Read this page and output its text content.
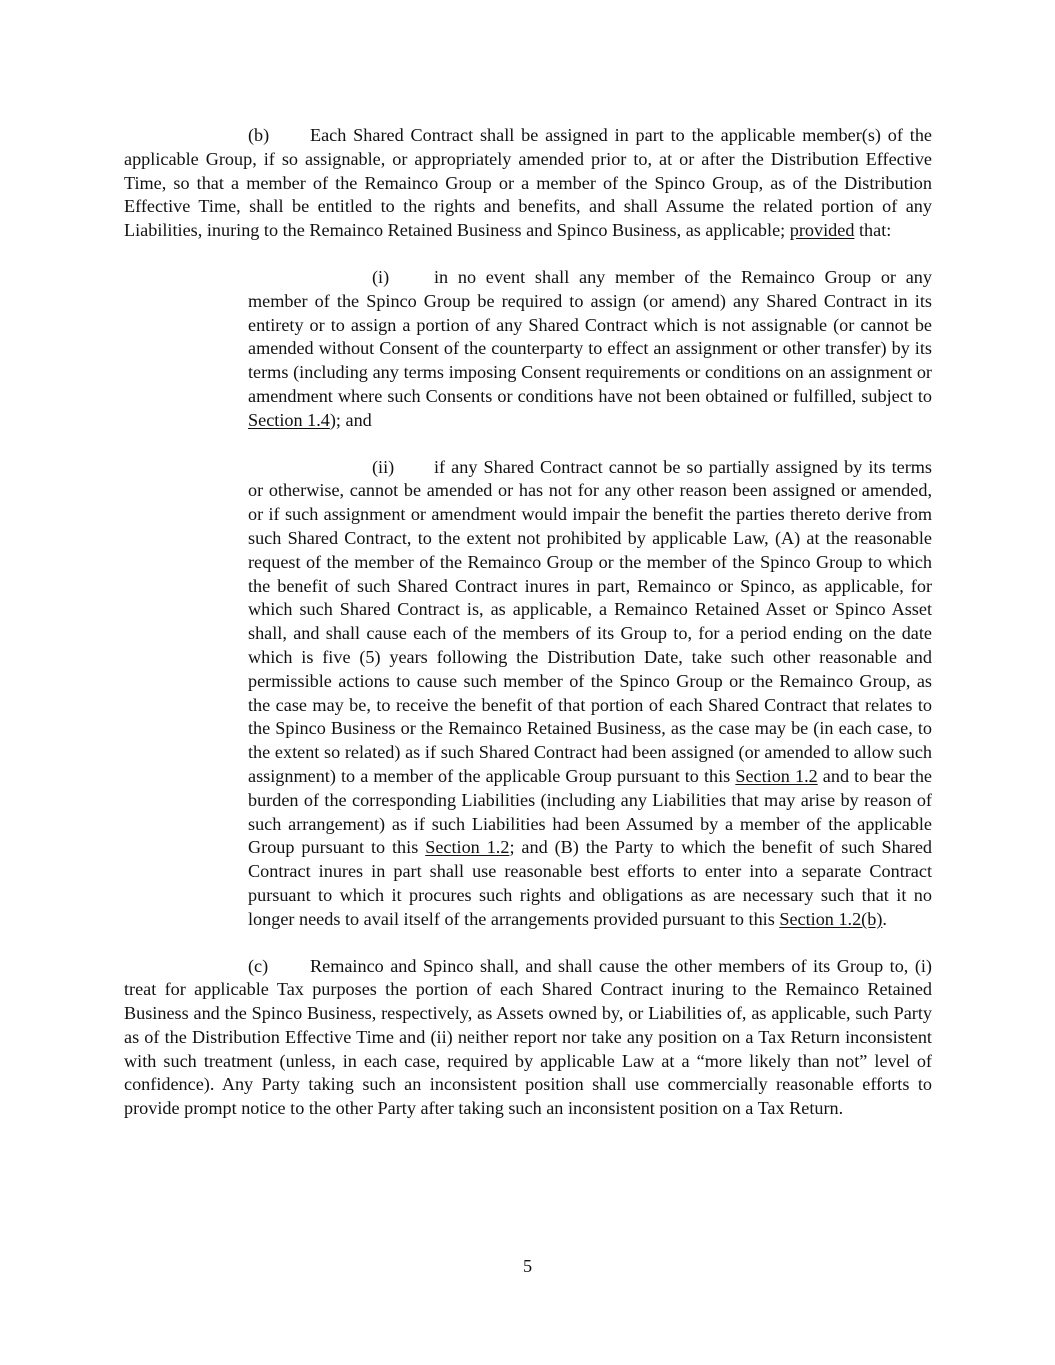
(b) Each Shared Contract shall be assigned in part to the applicable member(s) of the applicable Group, if so assignable, or appropriately amended prior to, at or after the Distribution Effective Time, so that a member of the Remainco Group or a member of the Spinco Group, as of the Distribution Effective Time, shall be entitled to the rights and benefits, and shall Assume the related portion of any Liabilities, inuring to the Remainco Retained Business and Spinco Business, as applicable; provided that:

(i) in no event shall any member of the Remainco Group or any member of the Spinco Group be required to assign (or amend) any Shared Contract in its entirety or to assign a portion of any Shared Contract which is not assignable (or cannot be amended without Consent of the counterparty to effect an assignment or other transfer) by its terms (including any terms imposing Consent requirements or conditions on an assignment or amendment where such Consents or conditions have not been obtained or fulfilled, subject to Section 1.4); and

(ii) if any Shared Contract cannot be so partially assigned by its terms or otherwise, cannot be amended or has not for any other reason been assigned or amended, or if such assignment or amendment would impair the benefit the parties thereto derive from such Shared Contract, to the extent not prohibited by applicable Law, (A) at the reasonable request of the member of the Remainco Group or the member of the Spinco Group to which the benefit of such Shared Contract inures in part, Remainco or Spinco, as applicable, for which such Shared Contract is, as applicable, a Remainco Retained Asset or Spinco Asset shall, and shall cause each of the members of its Group to, for a period ending on the date which is five (5) years following the Distribution Date, take such other reasonable and permissible actions to cause such member of the Spinco Group or the Remainco Group, as the case may be, to receive the benefit of that portion of each Shared Contract that relates to the Spinco Business or the Remainco Retained Business, as the case may be (in each case, to the extent so related) as if such Shared Contract had been assigned (or amended to allow such assignment) to a member of the applicable Group pursuant to this Section 1.2 and to bear the burden of the corresponding Liabilities (including any Liabilities that may arise by reason of such arrangement) as if such Liabilities had been Assumed by a member of the applicable Group pursuant to this Section 1.2; and (B) the Party to which the benefit of such Shared Contract inures in part shall use reasonable best efforts to enter into a separate Contract pursuant to which it procures such rights and obligations as are necessary such that it no longer needs to avail itself of the arrangements provided pursuant to this Section 1.2(b).

(c) Remainco and Spinco shall, and shall cause the other members of its Group to, (i) treat for applicable Tax purposes the portion of each Shared Contract inuring to the Remainco Retained Business and the Spinco Business, respectively, as Assets owned by, or Liabilities of, as applicable, such Party as of the Distribution Effective Time and (ii) neither report nor take any position on a Tax Return inconsistent with such treatment (unless, in each case, required by applicable Law at a “more likely than not” level of confidence). Any Party taking such an inconsistent position shall use commercially reasonable efforts to provide prompt notice to the other Party after taking such an inconsistent position on a Tax Return.

5
